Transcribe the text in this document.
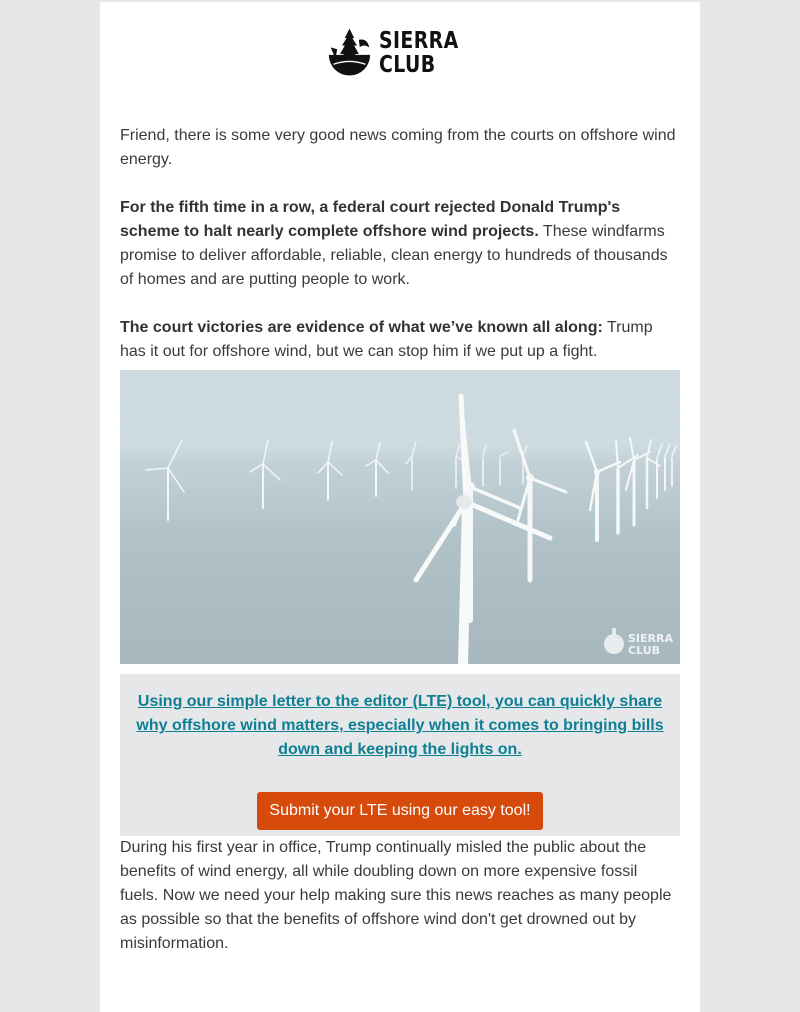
SIERRA
CLUB

Friend, there is some very good news coming from the courts on offshore wind energy.

For the fifth time in a row, a federal court rejected Donald Trump's scheme to halt nearly complete offshore wind projects. These windfarms promise to deliver affordable, reliable, clean energy to hundreds of thousands of homes and are putting people to work.

The court victories are evidence of what we’ve known all along: Trump has it out for offshore wind, but we can stop him if we put up a fight.

SIERRA
CLUB
Using our simple letter to the editor (LTE) tool, you can quickly share why offshore wind matters, especially when it comes to bringing bills down and keeping the lights on.
Submit your LTE using our easy tool!

During his first year in office, Trump continually misled the public about the benefits of wind energy, all while doubling down on more expensive fossil fuels. Now we need your help making sure this news reaches as many people as possible so that the benefits of offshore wind don't get drowned out by misinformation.
